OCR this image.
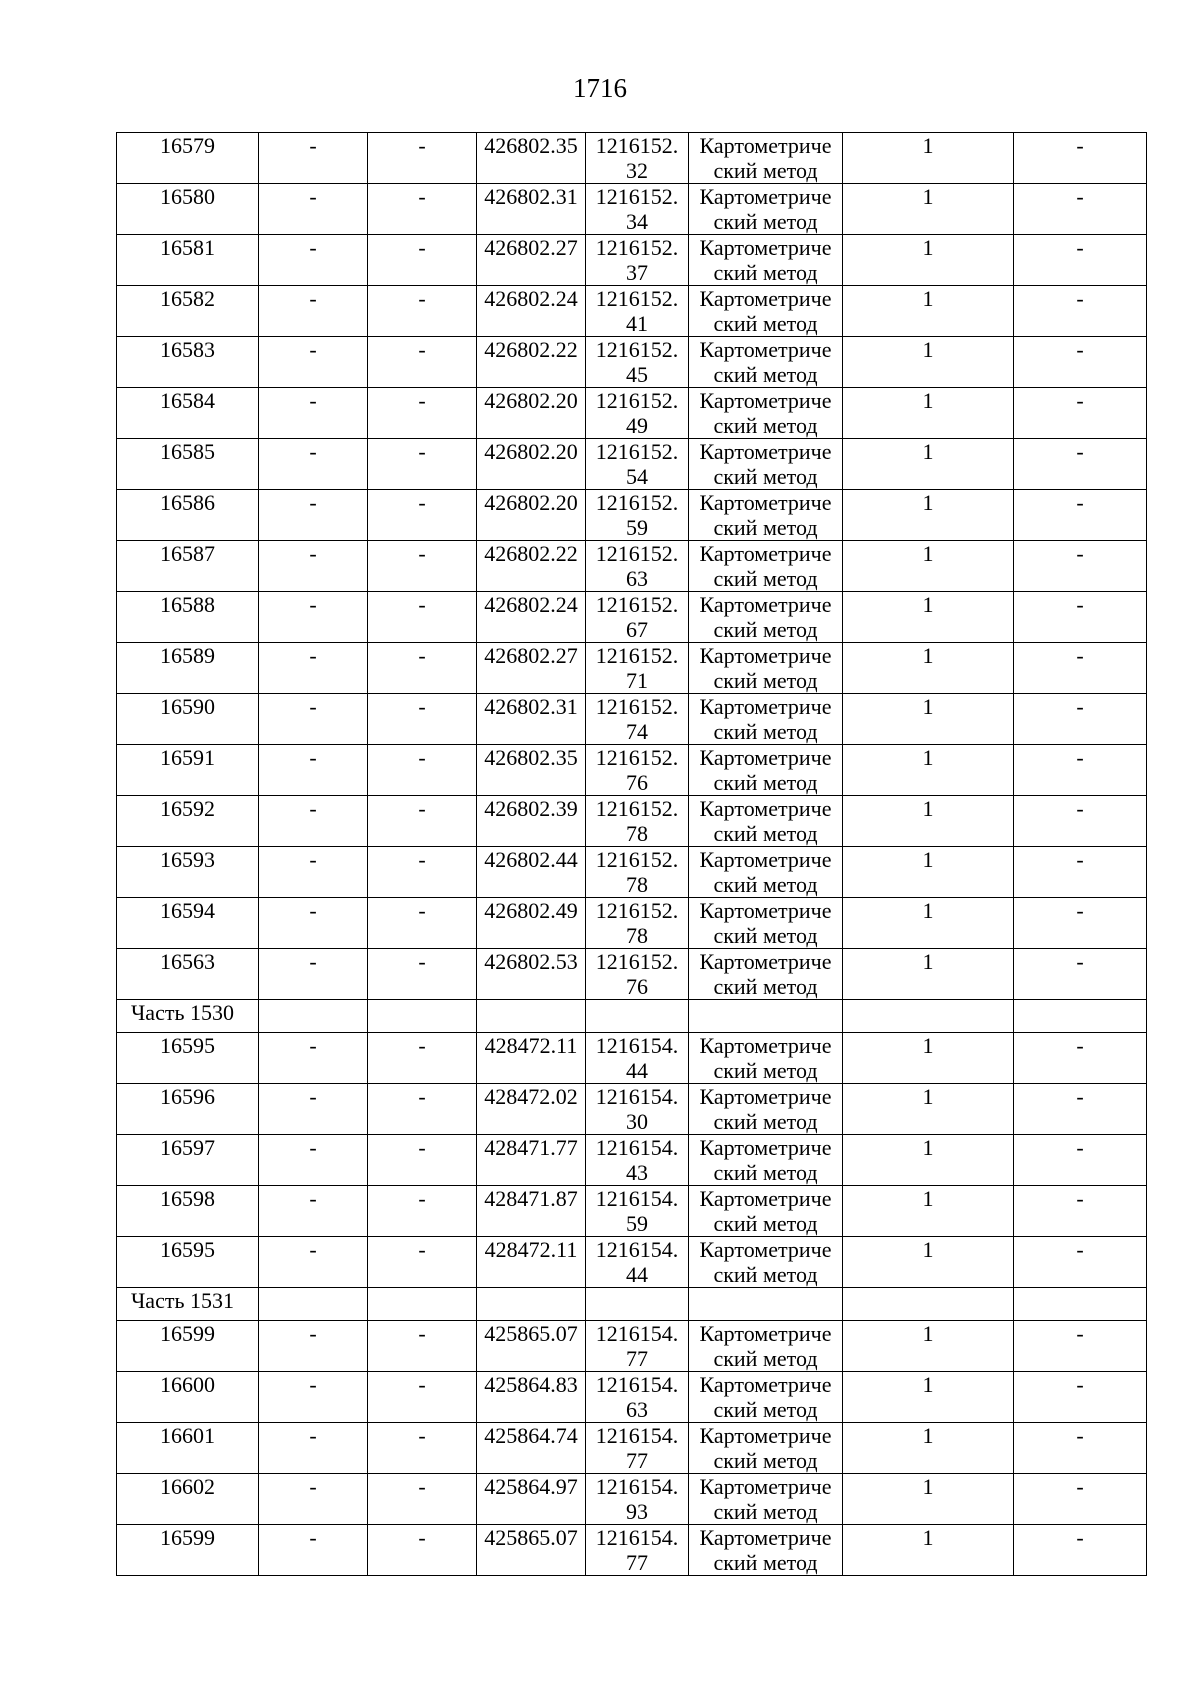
1716
16579	-	-	426802.35	1216152.
32	Картометриче
ский метод	1	-
16580	-	-	426802.31	1216152.
34	Картометриче
ский метод	1	-
16581	-	-	426802.27	1216152.
37	Картометриче
ский метод	1	-
16582	-	-	426802.24	1216152.
41	Картометриче
ский метод	1	-
16583	-	-	426802.22	1216152.
45	Картометриче
ский метод	1	-
16584	-	-	426802.20	1216152.
49	Картометриче
ский метод	1	-
16585	-	-	426802.20	1216152.
54	Картометриче
ский метод	1	-
16586	-	-	426802.20	1216152.
59	Картометриче
ский метод	1	-
16587	-	-	426802.22	1216152.
63	Картометриче
ский метод	1	-
16588	-	-	426802.24	1216152.
67	Картометриче
ский метод	1	-
16589	-	-	426802.27	1216152.
71	Картометриче
ский метод	1	-
16590	-	-	426802.31	1216152.
74	Картометриче
ский метод	1	-
16591	-	-	426802.35	1216152.
76	Картометриче
ский метод	1	-
16592	-	-	426802.39	1216152.
78	Картометриче
ский метод	1	-
16593	-	-	426802.44	1216152.
78	Картометриче
ский метод	1	-
16594	-	-	426802.49	1216152.
78	Картометриче
ский метод	1	-
16563	-	-	426802.53	1216152.
76	Картометриче
ский метод	1	-
Часть 1530							
16595	-	-	428472.11	1216154.
44	Картометриче
ский метод	1	-
16596	-	-	428472.02	1216154.
30	Картометриче
ский метод	1	-
16597	-	-	428471.77	1216154.
43	Картометриче
ский метод	1	-
16598	-	-	428471.87	1216154.
59	Картометриче
ский метод	1	-
16595	-	-	428472.11	1216154.
44	Картометриче
ский метод	1	-
Часть 1531							
16599	-	-	425865.07	1216154.
77	Картометриче
ский метод	1	-
16600	-	-	425864.83	1216154.
63	Картометриче
ский метод	1	-
16601	-	-	425864.74	1216154.
77	Картометриче
ский метод	1	-
16602	-	-	425864.97	1216154.
93	Картометриче
ский метод	1	-
16599	-	-	425865.07	1216154.
77	Картометриче
ский метод	1	-
